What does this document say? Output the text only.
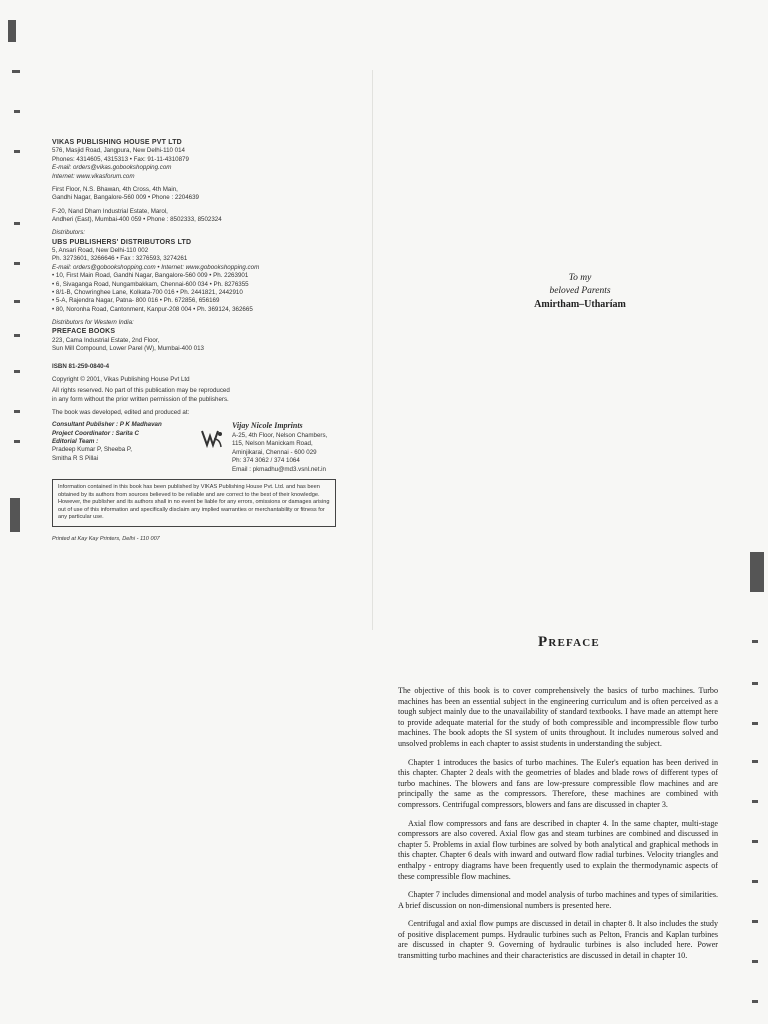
VIKAS PUBLISHING HOUSE PVT LTD

576, Masjid Road, Jangpura, New Delhi-110 014

Phones: 4314605, 4315313 • Fax: 91-11-4310879

E-mail: orders@vikas.gobookshopping.com

Internet: www.vikasforum.com

First Floor, N.S. Bhawan, 4th Cross, 4th Main,

Gandhi Nagar, Bangalore-560 009 • Phone : 2204639

F-20, Nand Dham Industrial Estate, Marol,

Andheri (East), Mumbai-400 059 • Phone : 8502333, 8502324

Distributors:

UBS PUBLISHERS' DISTRIBUTORS LTD

5, Ansari Road, New Delhi-110 002

Ph. 3273601, 3266646 • Fax : 3276593, 3274261

E-mail: orders@gobookshopping.com • Internet: www.gobookshopping.com

• 10, First Main Road, Gandhi Nagar, Bangalore-560 009 • Ph. 2263901

• 6, Sivaganga Road, Nungambakkam, Chennai-600 034 • Ph. 8276355

• 8/1-B, Chowringhee Lane, Kolkata-700 016 • Ph. 2441821, 2442910

• 5-A, Rajendra Nagar, Patna- 800 016 • Ph. 672856, 656169

• 80, Noronha Road, Cantonment, Kanpur-208 004 • Ph. 369124, 362665

Distributors for Western India:

PREFACE BOOKS

223, Cama Industrial Estate, 2nd Floor,

Sun Mill Compound, Lower Parel (W), Mumbai-400 013

ISBN 81-259-0840-4

Copyright © 2001, Vikas Publishing House Pvt Ltd

All rights reserved. No part of this publication may be reproduced

in any form without the prior written permission of the publishers.

The book was developed, edited and produced at:

Consultant Publisher : P K Madhavan

Project Coordinator : Sarita C

Editorial Team :

Pradeep Kumar P, Sheeba P,

Smitha R S Pillai

Vijay Nicole Imprints

A-25, 4th Floor, Nelson Chambers,

115, Nelson Manickam Road,

Aminjikarai, Chennai - 600 029

Ph: 374 3062 / 374 1064

Email : pkmadhu@md3.vsnl.net.in

Information contained in this book has been published by VIKAS Publishing House Pvt. Ltd. and has been obtained by its authors from sources believed to be reliable and are correct to the best of their knowledge. However, the publisher and its authors shall in no event be liable for any errors, omissions or damages arising out of use of this information and specifically disclaim any implied warranties or merchantability or fitness for any particular use.

Printed at Kay Kay Printers, Delhi - 110 007

To my
beloved Parents
Amirtham–Utharíam
Preface

The objective of this book is to cover comprehensively the basics of turbo machines. Turbo machines has been an essential subject in the engineering curriculum and is often perceived as a tough subject mainly due to the unavailability of standard textbooks. I have made an attempt here to provide adequate material for the study of both compressible and incompressible flow turbo machines. The book adopts the SI system of units throughout. It includes numerous solved and unsolved problems in each chapter to assist students in understanding the subject.

Chapter 1 introduces the basics of turbo machines. The Euler's equation has been derived in this chapter. Chapter 2 deals with the geometries of blades and blade rows of different types of turbo machines. The blowers and fans are low-pressure compressible flow machines and are principally the same as the compressors. Therefore, these machines are combined with compressors. Centrifugal compressors, blowers and fans are discussed in chapter 3.

Axial flow compressors and fans are described in chapter 4. In the same chapter, multi-stage compressors are also covered. Axial flow gas and steam turbines are combined and discussed in chapter 5. Problems in axial flow turbines are solved by both analytical and graphical methods in this chapter. Chapter 6 deals with inward and outward flow radial turbines. Velocity triangles and enthalpy - entropy diagrams have been frequently used to explain the thermodynamic aspects of these compressible flow machines.

Chapter 7 includes dimensional and model analysis of turbo machines and types of similarities. A brief discussion on non-dimensional numbers is presented here.

Centrifugal and axial flow pumps are discussed in detail in chapter 8. It also includes the study of positive displacement pumps. Hydraulic turbines such as Pelton, Francis and Kaplan turbines are discussed in chapter 9. Governing of hydraulic turbines is also included here. Power transmitting turbo machines and their characteristics are discussed in detail in chapter 10.
